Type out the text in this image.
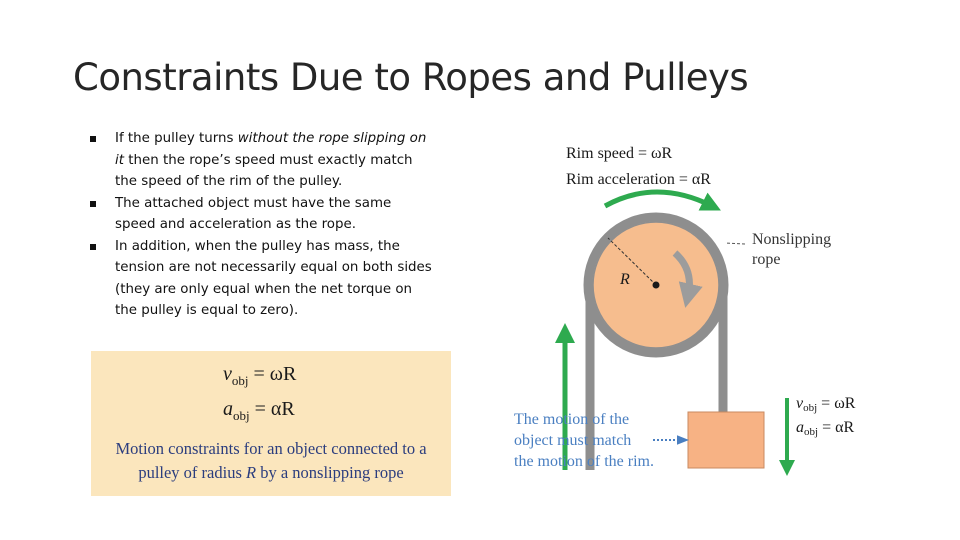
Constraints Due to Ropes and Pulleys
If the pulley turns without the rope slipping on it then the rope’s speed must exactly match the speed of the rim of the pulley.
The attached object must have the same speed and acceleration as the rope.
In addition, when the pulley has mass, the tension are not necessarily equal on both sides (they are only equal when the net torque on the pulley is equal to zero).
$v_{obj} = \omega R$
$a_{obj} = \alpha R$
Motion constraints for an object connected to a pulley of radius R by a nonslipping rope
Rim speed = ωR
Rim acceleration = αR
R
Nonslipping
rope
vobj = ωR
aobj = αR
The motion of the
object must match
the motion of the rim.
